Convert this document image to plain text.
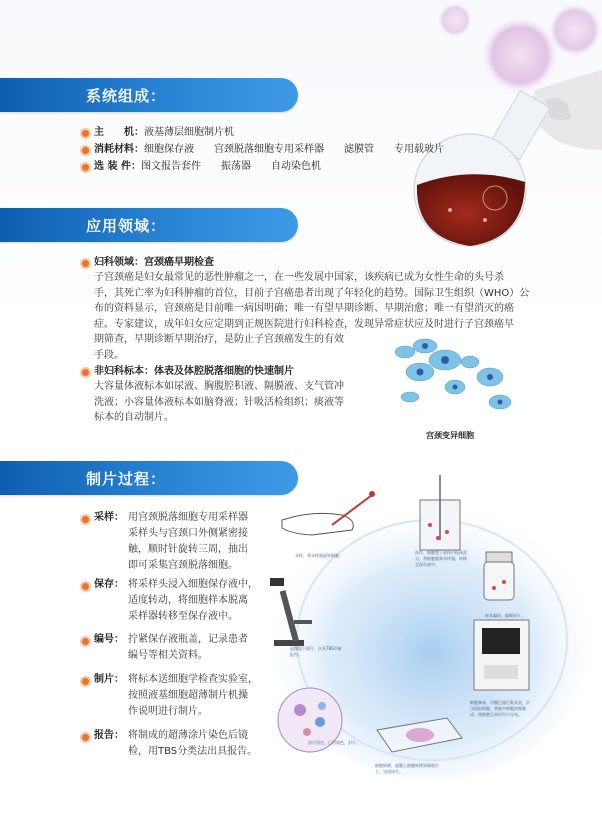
系统组成：
主　　机：液基薄层细胞制片机
消耗材料：细胞保存液　　宫颈脱落细胞专用采样器　　滤膜管　　专用载玻片
选 装 件：图文报告套件　　振荡器　　自动染色机
应用领域：
妇科领域：宫颈癌早期检查
子宫颈癌是妇女最常见的恶性肿瘤之一，在一些发展中国家，该疾病已成为女性生命的头号杀
手，其死亡率为妇科肿瘤的首位，目前子宫癌患者出现了年轻化的趋势。国际卫生组织（WHO）公
布的资料显示，宫颈癌是目前唯一病因明确；唯一有望早期诊断、早期治愈；唯一有望消灭的癌
症。专家建议，成年妇女应定期到正规医院进行妇科检查，发现异常症状应及时进行子宫颈癌早
期筛查，早期诊断早期治疗，是防止子宫颈癌发生的有效
手段。
非妇科标本：体表及体腔脱落细胞的快速制片
大容量体液标本如尿液、胸腹腔积液、隔膜液、支气管冲
洗液；小容量体液标本如脑脊液；针吸活检组织；痰液等
标本的自动制片。
宫颈变异细胞
制片过程：
采样： 用宫颈脱落细胞专用采样器
采样头与宫颈口外侧紧密接
触，顺时针旋转三周，抽出
即可采集宫颈脱落细胞。
保存： 将采样头浸入细胞保存液中，
适度转动，将细胞样本脱离
采样器转移至保存液中。
编号： 拧紧保存液瓶盖，记录患者
编号等相关资料。
制片： 将标本送细胞学检查实验室，
按照液基细胞超薄制片机操
作说明进行制片。
报告： 将制成的超薄涂片染色后镜
检，用TBS分类法出具报告。
采样，将采样器旋转细胞。
保存，细胞置于液体中振荡混匀，将细胞脱离采样器，转移至保存液中。
样本编码，编制原片。
细胞制备，切膜过滤后数具表，负压提取细胞，将集中细胞浓缩制成，使细胞呈单层均匀分布。
细胞转移，滤膜上细胞转移到载玻片上，完成涂片。
涂片固定，已用染色，封片。
显微镜下阅片，出具TBS诊断报告。
